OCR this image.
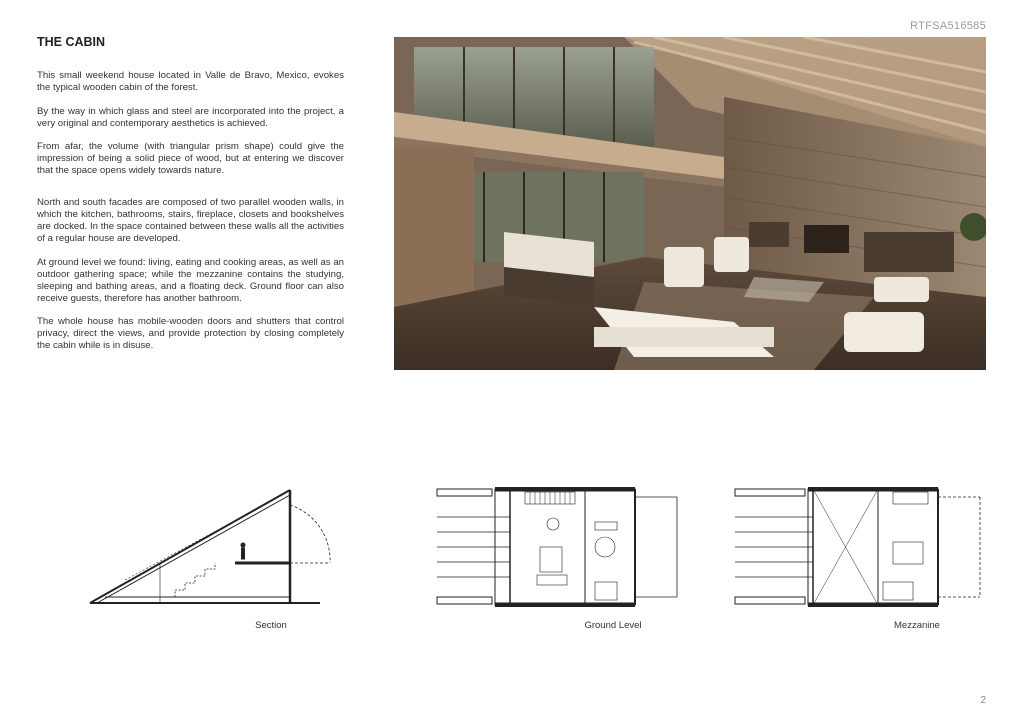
RTFSA516585
THE CABIN

This small weekend house located in Valle de Bravo, Mexico, evokes the typical wooden cabin of the forest.

By the way in which glass and steel are incorporated into the project, a very original and contemporary aesthetics is achieved.

From afar, the volume (with triangular prism shape) could give the impression of being a solid piece of wood, but at entering we discover that the space opens widely towards nature.

North and south facades are composed of two parallel wooden walls, in which the kitchen, bathrooms, stairs, fireplace, closets and bookshelves are docked. In the space contained between these walls all the activities of a regular house are developed.

At ground level we found: living, eating and cooking areas, as well as an outdoor gathering space; while the mezzanine contains the studying, sleeping and bathing areas, and a floating deck. Ground floor can also receive guests, therefore has another bathroom.

The whole house has mobile-wooden doors and shutters that control privacy, direct the views, and provide protection by closing completely the cabin while is in disuse.

Section	Ground Level	Mezzanine
2
